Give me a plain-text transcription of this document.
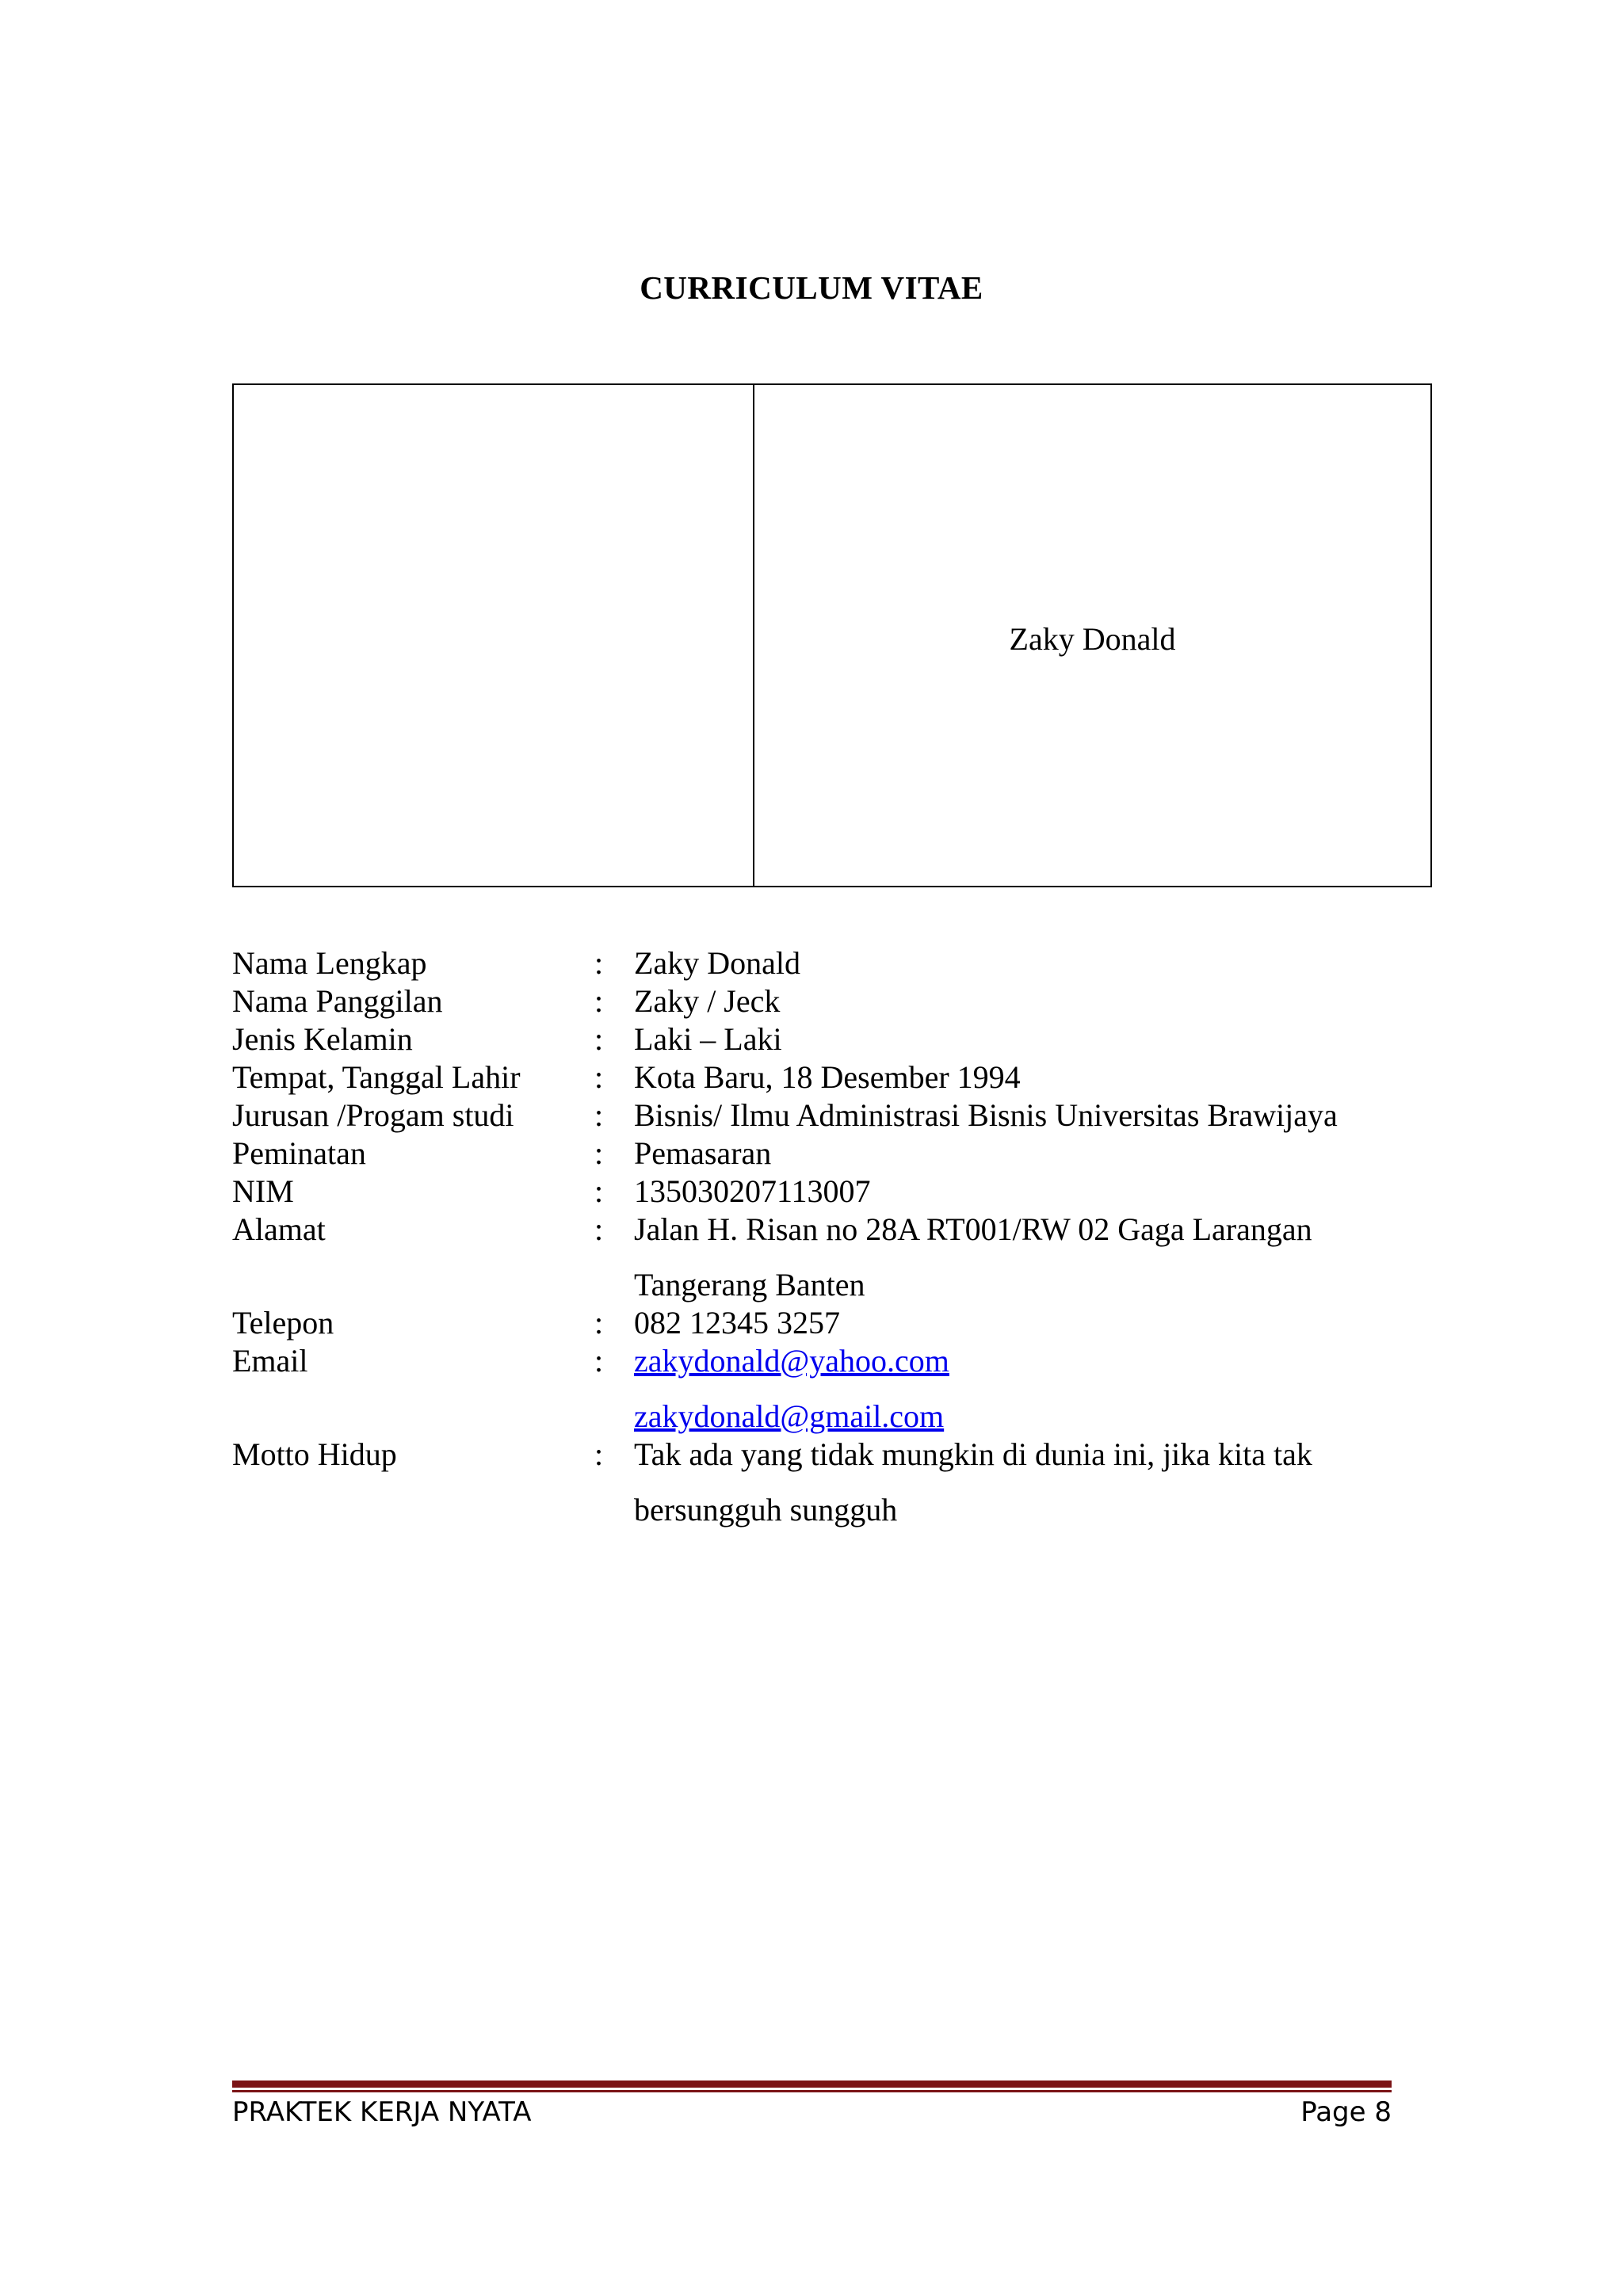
CURRICULUM VITAE
Zaky Donald
Nama Lengkap	: Zaky Donald
Nama Panggilan	: Zaky / Jeck
Jenis Kelamin	: Laki – Laki
Tempat, Tanggal Lahir	: Kota Baru, 18 Desember 1994
Jurusan /Progam studi	: Bisnis/ Ilmu Administrasi Bisnis Universitas Brawijaya
Peminatan	: Pemasaran
NIM	: 135030207113007
Alamat	: Jalan H. Risan no 28A RT001/RW 02 Gaga Larangan
Tangerang Banten
Telepon	: 082 12345 3257
Email	: zakydonald@yahoo.com
zakydonald@gmail.com
Motto Hidup	: Tak ada yang tidak mungkin di dunia ini, jika kita tak
bersungguh sungguh
PRAKTEK KERJA NYATA	Page 8
